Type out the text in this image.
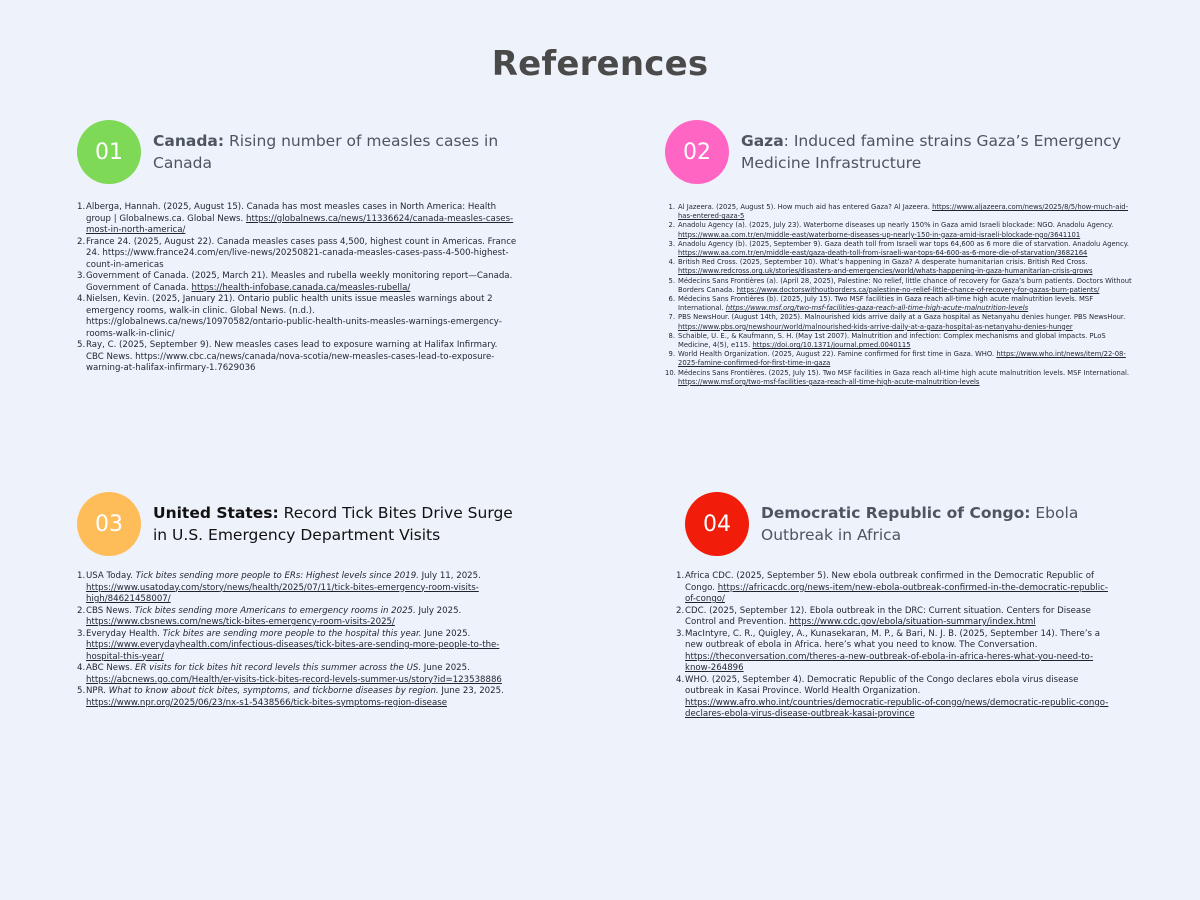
References
01	Canada: Rising number of measles cases in Canada
1. Alberga, Hannah. (2025, August 15). Canada has most measles cases in North America: Health group | Globalnews.ca. Global News. https://globalnews.ca/news/11336624/canada-measles-cases-most-in-north-america/
2. France 24. (2025, August 22). Canada measles cases pass 4,500, highest count in Americas. France 24. https://www.france24.com/en/live-news/20250821-canada-measles-cases-pass-4-500-highest-count-in-americas
3. Government of Canada. (2025, March 21). Measles and rubella weekly monitoring report—Canada. Government of Canada. https://health-infobase.canada.ca/measles-rubella/
4. Nielsen, Kevin. (2025, January 21). Ontario public health units issue measles warnings about 2 emergency rooms, walk-in clinic. Global News. (n.d.). https://globalnews.ca/news/10970582/ontario-public-health-units-measles-warnings-emergency-rooms-walk-in-clinic/
5. Ray, C. (2025, September 9). New measles cases lead to exposure warning at Halifax Infirmary. CBC News. https://www.cbc.ca/news/canada/nova-scotia/new-measles-cases-lead-to-exposure-warning-at-halifax-infirmary-1.7629036
02	Gaza: Induced famine strains Gaza’s Emergency Medicine Infrastructure
1. Al Jazeera. (2025, August 5). How much aid has entered Gaza? Al Jazeera. https://www.aljazeera.com/news/2025/8/5/how-much-aid-has-entered-gaza-5
2. Anadolu Agency (a). (2025, July 23). Waterborne diseases up nearly 150% in Gaza amid Israeli blockade: NGO. Anadolu Agency. https://www.aa.com.tr/en/middle-east/waterborne-diseases-up-nearly-150-in-gaza-amid-israeli-blockade-ngo/3641101
3. Anadolu Agency (b). (2025, September 9). Gaza death toll from Israeli war tops 64,600 as 6 more die of starvation. Anadolu Agency. https://www.aa.com.tr/en/middle-east/gaza-death-toll-from-israeli-war-tops-64-600-as-6-more-die-of-starvation/3682164
4. British Red Cross. (2025, September 10). What’s happening in Gaza? A desperate humanitarian crisis. British Red Cross. https://www.redcross.org.uk/stories/disasters-and-emergencies/world/whats-happening-in-gaza-humanitarian-crisis-grows
5. Médecins Sans Frontières (a). (April 28, 2025), Palestine: No relief, little chance of recovery for Gaza’s burn patients. Doctors Without Borders Canada. https://www.doctorswithoutborders.ca/palestine-no-relief-little-chance-of-recovery-for-gazas-burn-patients/
6. Médecins Sans Frontières (b). (2025, July 15). Two MSF facilities in Gaza reach all-time high acute malnutrition levels. MSF International. https://www.msf.org/two-msf-facilities-gaza-reach-all-time-high-acute-malnutrition-levels
7. PBS NewsHour. (August 14th, 2025). Malnourished kids arrive daily at a Gaza hospital as Netanyahu denies hunger. PBS NewsHour. https://www.pbs.org/newshour/world/malnourished-kids-arrive-daily-at-a-gaza-hospital-as-netanyahu-denies-hunger
8. Schaible, U. E., & Kaufmann, S. H. (May 1st 2007). Malnutrition and infection: Complex mechanisms and global impacts. PLoS Medicine, 4(5), e115. https://doi.org/10.1371/journal.pmed.0040115
9. World Health Organization. (2025, August 22). Famine confirmed for first time in Gaza. WHO. https://www.who.int/news/item/22-08-2025-famine-confirmed-for-first-time-in-gaza
10. Médecins Sans Frontières. (2025, July 15). Two MSF facilities in Gaza reach all-time high acute malnutrition levels. MSF International. https://www.msf.org/two-msf-facilities-gaza-reach-all-time-high-acute-malnutrition-levels
03	United States: Record Tick Bites Drive Surge in U.S. Emergency Department Visits
1. USA Today. Tick bites sending more people to ERs: Highest levels since 2019. July 11, 2025. https://www.usatoday.com/story/news/health/2025/07/11/tick-bites-emergency-room-visits-high/84621458007/
2. CBS News. Tick bites sending more Americans to emergency rooms in 2025. July 2025. https://www.cbsnews.com/news/tick-bites-emergency-room-visits-2025/
3. Everyday Health. Tick bites are sending more people to the hospital this year. June 2025. https://www.everydayhealth.com/infectious-diseases/tick-bites-are-sending-more-people-to-the-hospital-this-year/
4. ABC News. ER visits for tick bites hit record levels this summer across the US. June 2025. https://abcnews.go.com/Health/er-visits-tick-bites-record-levels-summer-us/story?id=123538886
5. NPR. What to know about tick bites, symptoms, and tickborne diseases by region. June 23, 2025. https://www.npr.org/2025/06/23/nx-s1-5438566/tick-bites-symptoms-region-disease
04	Democratic Republic of Congo: Ebola Outbreak in Africa
1. Africa CDC. (2025, September 5). New ebola outbreak confirmed in the Democratic Republic of Congo. https://africacdc.org/news-item/new-ebola-outbreak-confirmed-in-the-democratic-republic-of-congo/
2. CDC. (2025, September 12). Ebola outbreak in the DRC: Current situation. Centers for Disease Control and Prevention. https://www.cdc.gov/ebola/situation-summary/index.html
3. MacIntyre, C. R., Quigley, A., Kunasekaran, M. P., & Bari, N. J. B. (2025, September 14). There’s a new outbreak of ebola in Africa. here’s what you need to know. The Conversation. https://theconversation.com/theres-a-new-outbreak-of-ebola-in-africa-heres-what-you-need-to-know-264896
4. WHO. (2025, September 4). Democratic Republic of the Congo declares ebola virus disease outbreak in Kasai Province. World Health Organization. https://www.afro.who.int/countries/democratic-republic-of-congo/news/democratic-republic-congo-declares-ebola-virus-disease-outbreak-kasai-province
